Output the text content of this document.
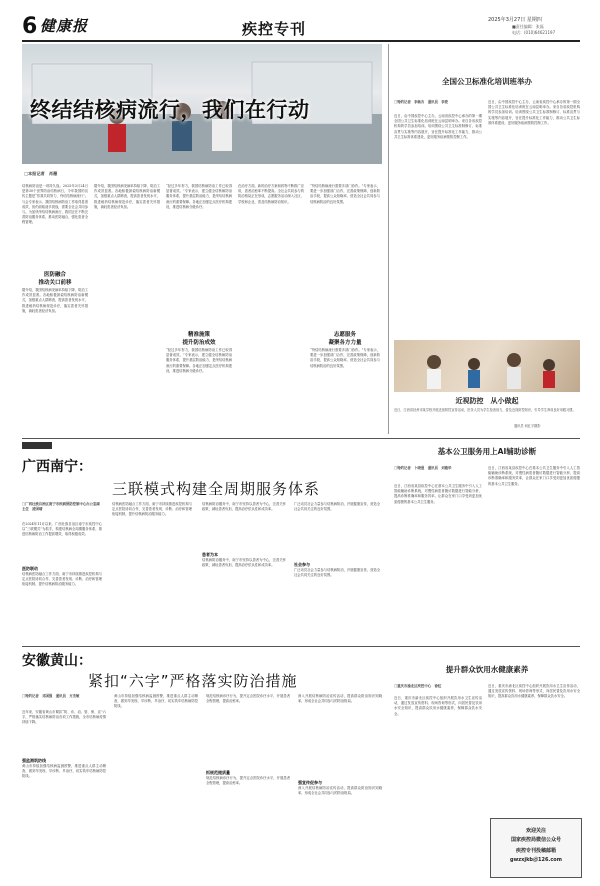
6 健康报	疾控专刊	2025年3月27日 星期四
■责任编辑：张磊
电话：(010)64621197
终结结核病流行，我们在行动
□本报记者　肖薇
结核病防治是一项持久战。2025年3月24日是第30个世界防治结核病日，今年我国的宣传主题是“你我共同努力，终结结核病流行”。与会专家表示，我国结核病防治工作取得显著成效，但仍面临诸多挑战，需要全社会共同参与。为加快终结结核病流行，我国正在不断完善防治服务体系，推动医防融合，强化患者全程管理。
医防融合
推动关口前移
据介绍，我国结核病发病率持续下降，防治工作成效显著。各地积极探索结核病防治新模式，加强重点人群筛查，提高患者发现水平，推进耐药结核病规范诊疗，落实患者关怀措施，减轻患者经济负担。
据介绍，我国结核病发病率持续下降，防治工作成效显著。各地积极探索结核病防治新模式，加强重点人群筛查，提高患者发现水平，推进耐药结核病规范诊疗，落实患者关怀措施，减轻患者经济负担。
“经过多年努力，我国结核病防治工作已取得显著成效。”专家表示，建立健全结核病防治服务体系，提升基层防治能力，是终结结核病流行的重要保障。各地正加强定点医疗机构建设，推进结核病分级诊疗。
精准施策
提升防治成效
“经过多年努力，我国结核病防治工作已取得显著成效。”专家表示，建立健全结核病防治服务体系，提升基层防治能力，是终结结核病流行的重要保障。各地正加强定点医疗机构建设，推进结核病分级诊疗。
在治疗方面，新的治疗方案和药物不断推广应用，患者治愈率不断提高。全社会共同参与的防治格局正在形成，志愿服务活动深入社区、学校和企业，普及结核病防治知识。
“终结结核病流行需要多部门协作。”专家表示，要进一步加强部门合作，完善政策保障，创新防治手段，提高公众知晓率，营造全社会共同参与结核病防治的良好氛围。
志愿服务
凝聚各方力量
“终结结核病流行需要多部门协作。”专家表示，要进一步加强部门合作，完善政策保障，创新防治手段，提高公众知晓率，营造全社会共同参与结核病防治的良好氛围。
全国公卫标准化培训班举办
□特约记者　李歆吉　通讯员　李姿
近日，由中国疾控中心主办，云南省疾控中心承办的第一期全国公共卫生标准化培训班在云南昆明举办。来自各省疾控机构的学员参加培训。培训围绕公共卫生标准制修订、标准宣贯与实施等内容展开，旨在提升标准化工作能力，推动公共卫生标准体系建设，更好服务疾病预防控制工作。
近日，由中国疾控中心主办，云南省疾控中心承办的第一期全国公共卫生标准化培训班在云南昆明举办。来自各省疾控机构的学员参加培训。培训围绕公共卫生标准制修订、标准宣贯与实施等内容展开，旨在提升标准化工作能力，推动公共卫生标准体系建设，更好服务疾病预防控制工作。
近视防控　从小做起
近日，江西省抚州市某学校开展近视防控宣传活动，医务人员为学生检查视力，普及近视防控知识，引导学生养成良好用眼习惯。
通讯员 何红平摄影
广西南宁：
三联模式构建全周期服务体系
□广西壮族自治区南宁市疾病预防控制中心办公室副主任　凌国晴
在2024年11月以来，广西壮族自治区南宁市疾控中心以“三联模式”为抓手，构建结核病全周期服务体系，推进结核病防治工作提质增效，取得积极成效。
医防联动
结核病医防融合工作方面，南宁市持续推进疾控机构与定点医院协同合作，完善患者发现、诊断、治疗和管理衔接机制，提升结核病防治服务能力。
结核病医防融合工作方面，南宁市持续推进疾控机构与定点医院协同合作，完善患者发现、诊断、治疗和管理衔接机制，提升结核病防治服务能力。
患者为本
结核病防治服务中，南宁市坚持以患者为中心，完善关怀政策，减轻患者负担，提高治疗依从性和成功率。
结核病防治服务中，南宁市坚持以患者为中心，完善关怀政策，减轻患者负担，提高治疗依从性和成功率。	社会参与
广泛动员社会力量参与结核病防治，开展健康宣传，营造全社会共同关注的良好氛围。
广泛动员社会力量参与结核病防治，开展健康宣传，营造全社会共同关注的良好氛围。
基本公卫服务用上AI辅助诊断
□特约记者　卜晓曼　通讯员　刘雅华
近日，江西省某县疾控中心在基本公共卫生服务中引入人工智能辅助诊断系统，对慢性病患者随访数据进行智能分析，提高诊断准确率和服务效率，让群众在家门口享受到更加优质便捷的基本公共卫生服务。
近日，江西省某县疾控中心在基本公共卫生服务中引入人工智能辅助诊断系统，对慢性病患者随访数据进行智能分析，提高诊断准确率和服务效率，让群众在家门口享受到更加优质便捷的基本公共卫生服务。
安徽黄山：
紧扣“六字”严格落实防治措施
□特约记者　邓国强　通讯员　方杰敏
近年来，安徽省黄山市紧扣“防、诊、治、管、保、宣”六字，严格落实结核病防治各项工作措施，全市结核病疫情持续下降。
强监测筑防线
黄山市持续加强结核病监测预警，推进重点人群主动筛查，做到早发现、早诊断、早治疗，切实筑牢结核病防控防线。
黄山市持续加强结核病监测预警，推进重点人群主动筛查，做到早发现、早诊断、早治疗，切实筑牢结核病防控防线。
抓规范提质量
规范结核病诊疗行为，提升定点医院诊疗水平，开展患者全程管理，提高治愈率。
规范结核病诊疗行为，提升定点医院诊疗水平，开展患者全程管理，提高治愈率。	强宣传促参与
深入开展结核病防治宣传活动，提高群众防治知识知晓率，形成全社会共同参与的防治格局。
深入开展结核病防治宣传活动，提高群众防治知识知晓率，形成全社会共同参与的防治格局。
提升群众饮用水健康素养
□重庆市渝北区疾控中心　徐虹
近日，重庆市渝北区疾控中心组织开展饮用水卫生宣传活动，通过发放宣传资料、现场咨询等形式，向居民普及饮用水安全知识，提高群众饮用水健康素养，保障群众饮水安全。
近日，重庆市渝北区疾控中心组织开展饮用水卫生宣传活动，通过发放宣传资料、现场咨询等形式，向居民普及饮用水安全知识，提高群众饮用水健康素养，保障群众饮水安全。
欢迎关注
国家疾控局微信公众号
疾控专刊投稿邮箱
gwzxjkb＠126.com
